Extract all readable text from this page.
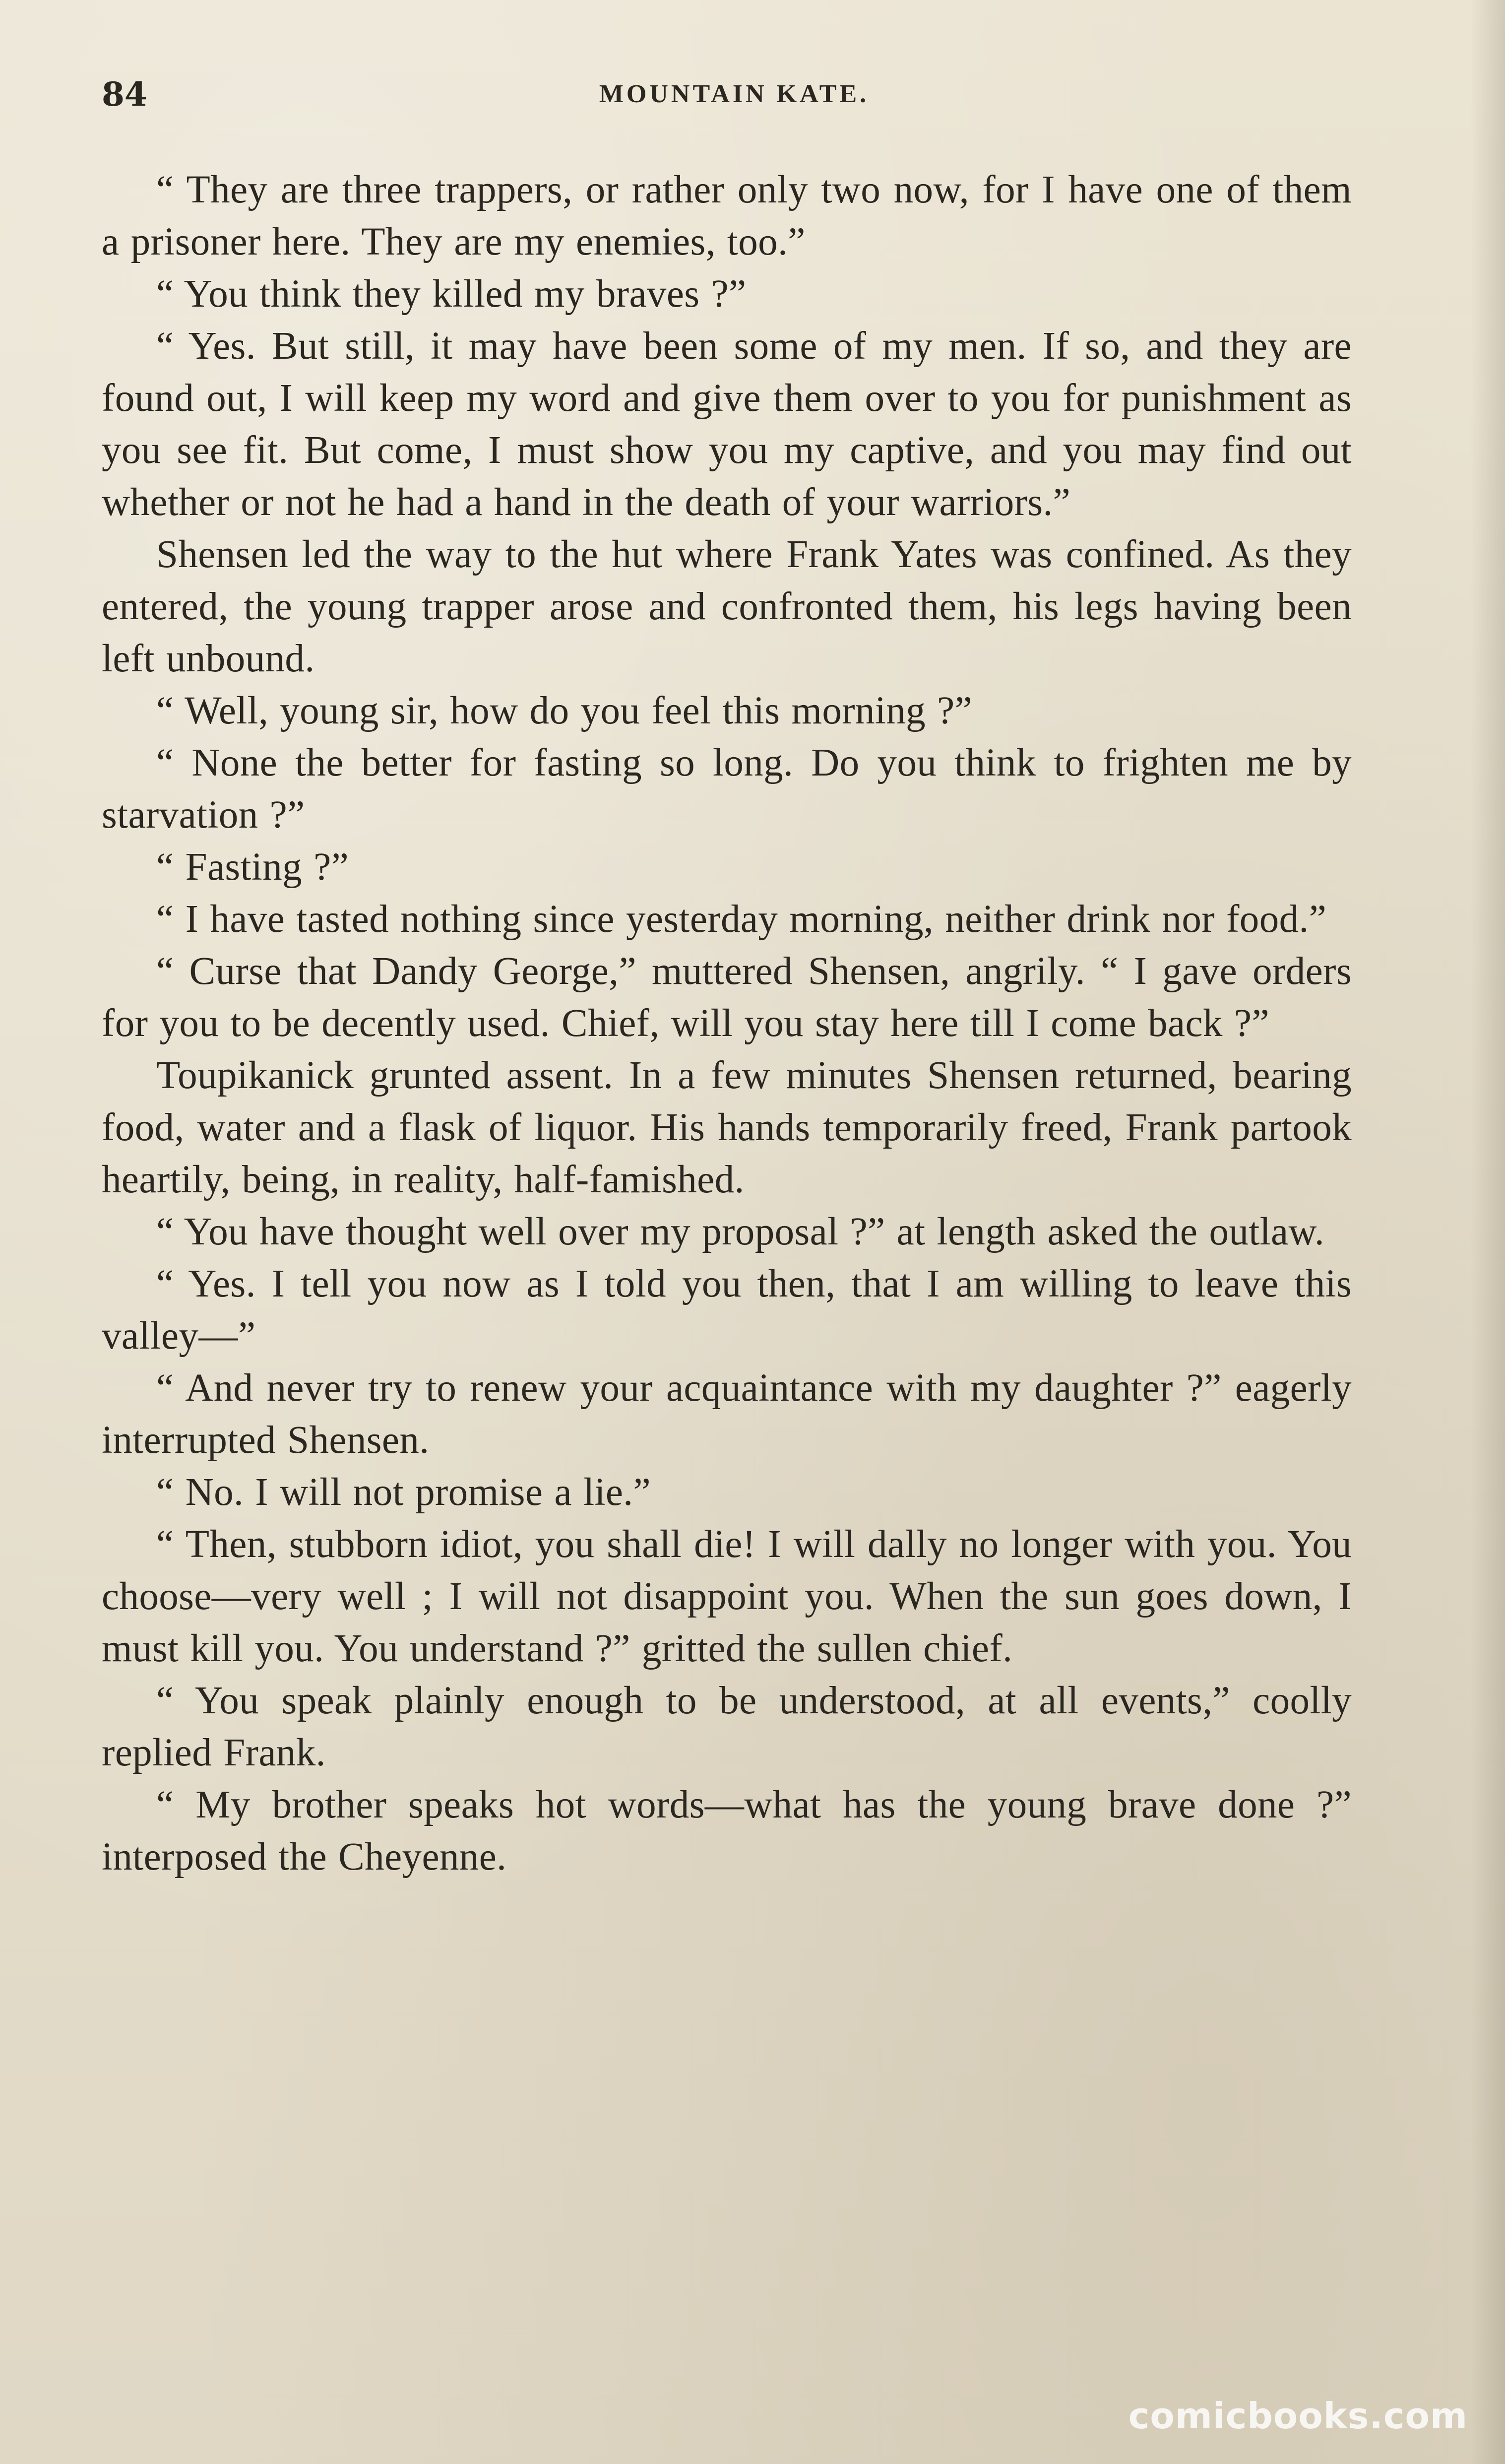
84	MOUNTAIN KATE.

“ They are three trappers, or rather only two now, for I have one of them a prisoner here. They are my enemies, too.”

“ You think they killed my braves ?”

“ Yes. But still, it may have been some of my men. If so, and they are found out, I will keep my word and give them over to you for punishment as you see fit. But come, I must show you my captive, and you may find out whether or not he had a hand in the death of your warriors.”

Shensen led the way to the hut where Frank Yates was confined. As they entered, the young trapper arose and confronted them, his legs having been left unbound.

“ Well, young sir, how do you feel this morning ?”

“ None the better for fasting so long. Do you think to frighten me by starvation ?”

“ Fasting ?”

“ I have tasted nothing since yesterday morning, neither drink nor food.”

“ Curse that Dandy George,” muttered Shensen, angrily. “ I gave orders for you to be decently used. Chief, will you stay here till I come back ?”

Toupikanick grunted assent. In a few minutes Shensen returned, bearing food, water and a flask of liquor. His hands temporarily freed, Frank partook heartily, being, in reality, half-famished.

“ You have thought well over my proposal ?” at length asked the outlaw.

“ Yes. I tell you now as I told you then, that I am willing to leave this valley—”

“ And never try to renew your acquaintance with my daughter ?” eagerly interrupted Shensen.

“ No. I will not promise a lie.”

“ Then, stubborn idiot, you shall die! I will dally no longer with you. You choose—very well ; I will not disappoint you. When the sun goes down, I must kill you. You understand ?” gritted the sullen chief.

“ You speak plainly enough to be understood, at all events,” coolly replied Frank.

“ My brother speaks hot words—what has the young brave done ?” interposed the Cheyenne.

comicbooks.com
